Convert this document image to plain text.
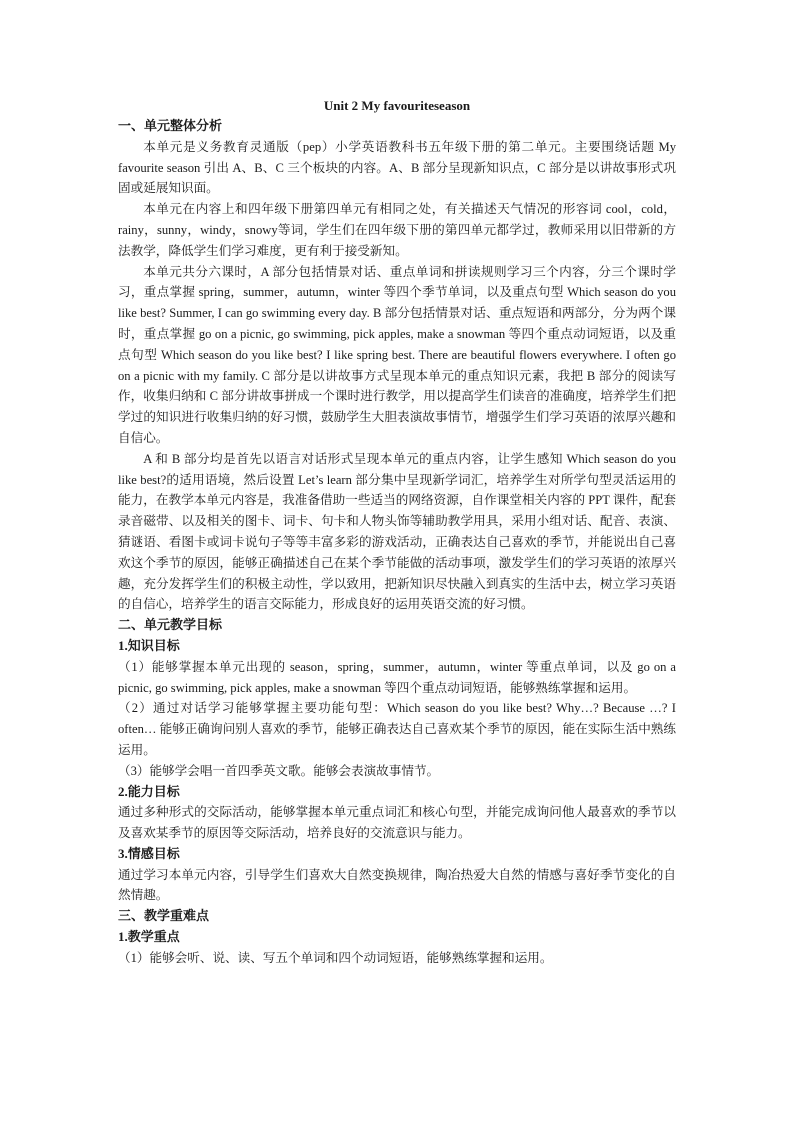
Unit 2 My favouriteseason

一、单元整体分析

本单元是义务教育灵通版（pep）小学英语教科书五年级下册的第二单元。主要围绕话题 My favourite season 引出 A、B、C 三个板块的内容。A、B 部分呈现新知识点，C 部分是以讲故事形式巩固或延展知识面。

本单元在内容上和四年级下册第四单元有相同之处，有关描述天气情况的形容词 cool，cold，rainy，sunny，windy，snowy等词，学生们在四年级下册的第四单元都学过，教师采用以旧带新的方法教学，降低学生们学习难度，更有利于接受新知。

本单元共分六课时，A 部分包括情景对话、重点单词和拼读规则学习三个内容，分三个课时学习，重点掌握 spring，summer，autumn，winter 等四个季节单词，以及重点句型 Which season do you like best? Summer, I can go swimming every day. B 部分包括情景对话、重点短语和两部分，分为两个课时，重点掌握 go on a picnic, go swimming, pick apples, make a snowman 等四个重点动词短语，以及重点句型 Which season do you like best? I like spring best. There are beautiful flowers everywhere. I often go on a picnic with my family. C 部分是以讲故事方式呈现本单元的重点知识元素，我把 B 部分的阅读写作，收集归纳和 C 部分讲故事拼成一个课时进行教学，用以提高学生们读音的准确度，培养学生们把学过的知识进行收集归纳的好习惯，鼓励学生大胆表演故事情节，增强学生们学习英语的浓厚兴趣和自信心。

A 和 B 部分均是首先以语言对话形式呈现本单元的重点内容，让学生感知 Which season do you like best?的适用语境，然后设置 Let’s learn 部分集中呈现新学词汇，培养学生对所学句型灵活运用的能力，在教学本单元内容是，我准备借助一些适当的网络资源，自作课堂相关内容的 PPT 课件，配套录音磁带、以及相关的图卡、词卡、句卡和人物头饰等辅助教学用具，采用小组对话、配音、表演、猜谜语、看图卡或词卡说句子等等丰富多彩的游戏活动，正确表达自己喜欢的季节，并能说出自己喜欢这个季节的原因，能够正确描述自己在某个季节能做的活动事项，激发学生们的学习英语的浓厚兴趣，充分发挥学生们的积极主动性，学以致用，把新知识尽快融入到真实的生活中去，树立学习英语的自信心，培养学生的语言交际能力，形成良好的运用英语交流的好习惯。

二、单元教学目标

1.知识目标

（1）能够掌握本单元出现的 season，spring，summer，autumn，winter 等重点单词，以及 go on a picnic, go swimming, pick apples, make a snowman 等四个重点动词短语，能够熟练掌握和运用。

（2）通过对话学习能够掌握主要功能句型：Which season do you like best? Why…? Because …? I often… 能够正确询问别人喜欢的季节，能够正确表达自己喜欢某个季节的原因，能在实际生活中熟练运用。

（3）能够学会唱一首四季英文歌。能够会表演故事情节。

2.能力目标

通过多种形式的交际活动，能够掌握本单元重点词汇和核心句型，并能完成询问他人最喜欢的季节以及喜欢某季节的原因等交际活动，培养良好的交流意识与能力。

3.情感目标

通过学习本单元内容，引导学生们喜欢大自然变换规律，陶冶热爱大自然的情感与喜好季节变化的自然情趣。

三、教学重难点

1.教学重点

（1）能够会听、说、读、写五个单词和四个动词短语，能够熟练掌握和运用。
